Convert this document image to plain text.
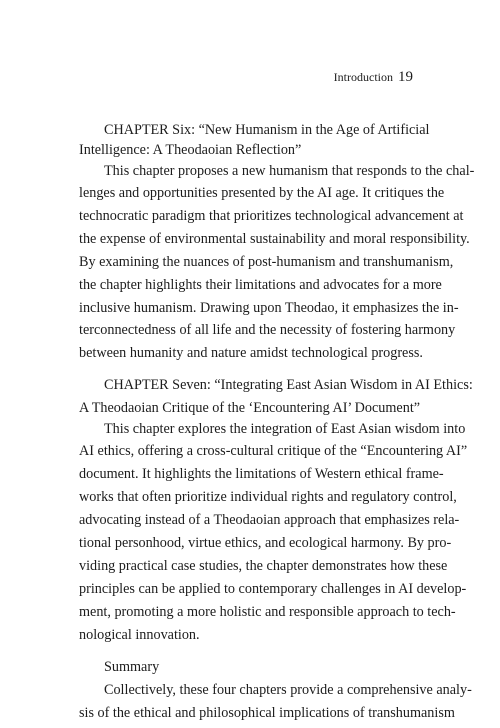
Introduction 19
CHAPTER Six: “New Humanism in the Age of Artificial
Intelligence: A Theodaoian Reflection”
This chapter proposes a new humanism that responds to the chal-
lenges and opportunities presented by the AI age. It critiques the
technocratic paradigm that prioritizes technological advancement at
the expense of environmental sustainability and moral responsibility.
By examining the nuances of post-humanism and transhumanism,
the chapter highlights their limitations and advocates for a more
inclusive humanism. Drawing upon Theodao, it emphasizes the in-
terconnectedness of all life and the necessity of fostering harmony
between humanity and nature amidst technological progress.
CHAPTER Seven: “Integrating East Asian Wisdom in AI Ethics:
A Theodaoian Critique of the ‘Encountering AI’ Document”
This chapter explores the integration of East Asian wisdom into
AI ethics, offering a cross-cultural critique of the “Encountering AI”
document. It highlights the limitations of Western ethical frame-
works that often prioritize individual rights and regulatory control,
advocating instead of a Theodaoian approach that emphasizes rela-
tional personhood, virtue ethics, and ecological harmony. By pro-
viding practical case studies, the chapter demonstrates how these
principles can be applied to contemporary challenges in AI develop-
ment, promoting a more holistic and responsible approach to tech-
nological innovation.
Summary
Collectively, these four chapters provide a comprehensive analy-
sis of the ethical and philosophical implications of transhumanism
